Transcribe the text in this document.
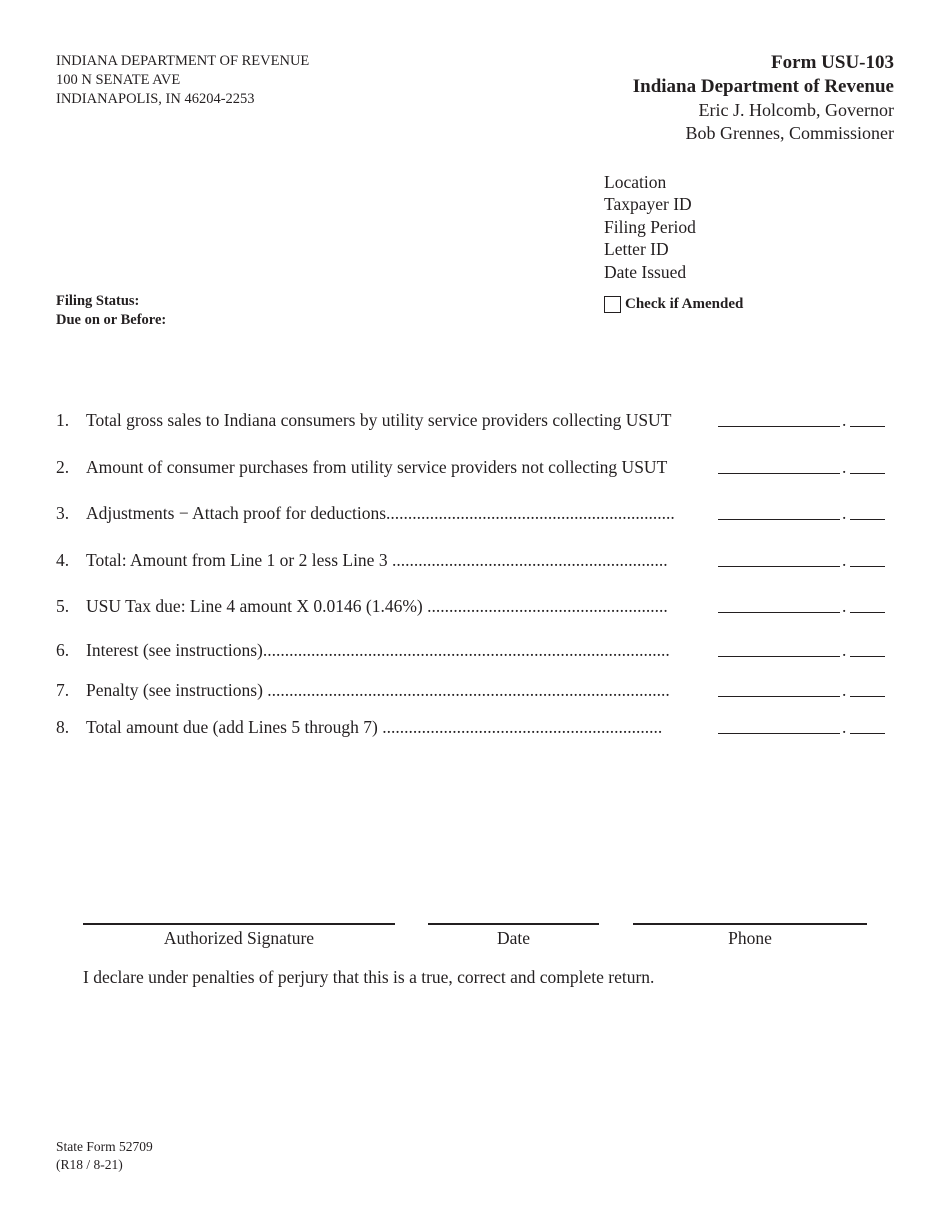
INDIANA DEPARTMENT OF REVENUE
100 N SENATE AVE
INDIANAPOLIS, IN 46204-2253
Form USU-103
Indiana Department of Revenue
Eric J. Holcomb, Governor
Bob Grennes, Commissioner
Location
Taxpayer ID
Filing Period
Letter ID
Date Issued
Filing Status:
Due on or Before:
Check if Amended
1. Total gross sales to Indiana consumers by utility service providers collecting USUT	.
2. Amount of consumer purchases from utility service providers not collecting USUT	.
3. Adjustments − Attach proof for deductions..................................................................	.
4. Total: Amount from Line 1 or 2 less Line 3 ...............................................................	.
5. USU Tax due: Line 4 amount X 0.0146 (1.46%) .......................................................	.
6. Interest (see instructions).............................................................................................	.
7. Penalty (see instructions) ............................................................................................	.
8. Total amount due (add Lines 5 through 7) ................................................................	.
Authorized Signature	Date	Phone
I declare under penalties of perjury that this is a true, correct and complete return.
State Form 52709
(R18 / 8-21)
